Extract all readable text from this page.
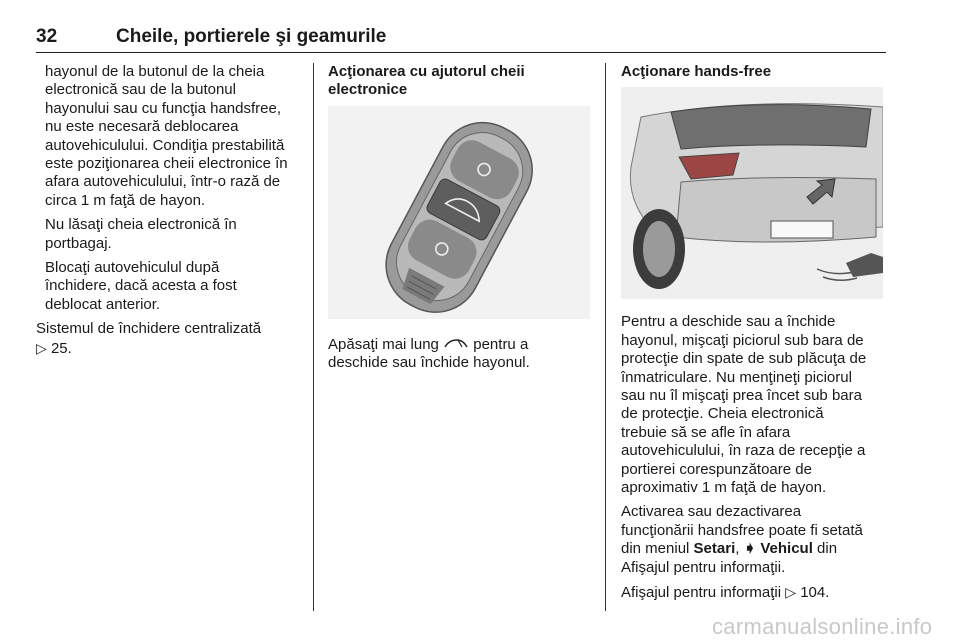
32	Cheile, portierele şi geamurile

hayonul de la butonul de la cheia
electronică sau de la butonul
hayonului sau cu funcţia handsfree,
nu este necesară deblocarea
autovehiculului. Condiţia prestabilită
este poziţionarea cheii electronice în
afara autovehiculului, într-o rază de
circa 1 m faţă de hayon.

Nu lăsaţi cheia electronică în
portbagaj.

Blocaţi autovehiculul după
închidere, dacă acesta a fost
deblocat anterior.

Sistemul de închidere centralizată
▷ 25.

Acţionarea cu ajutorul cheii
electronice

Apăsaţi mai lung  pentru a
deschide sau închide hayonul.

Acţionare hands-free

Pentru a deschide sau a închide
hayonul, mişcaţi piciorul sub bara de
protecţie din spate de sub plăcuţa de
înmatriculare. Nu menţineţi piciorul
sau nu îl mişcaţi prea încet sub bara
de protecţie. Cheia electronică
trebuie să se afle în afara
autovehiculului, în raza de recepţie a
portierei corespunzătoare de
aproximativ 1 m faţă de hayon.

Activarea sau dezactivarea
funcţionării handsfree poate fi setată
din meniul Setari, ➧ Vehicul din
Afişajul pentru informaţii.

Afişajul pentru informaţii ▷ 104.

carmanualsonline.info
